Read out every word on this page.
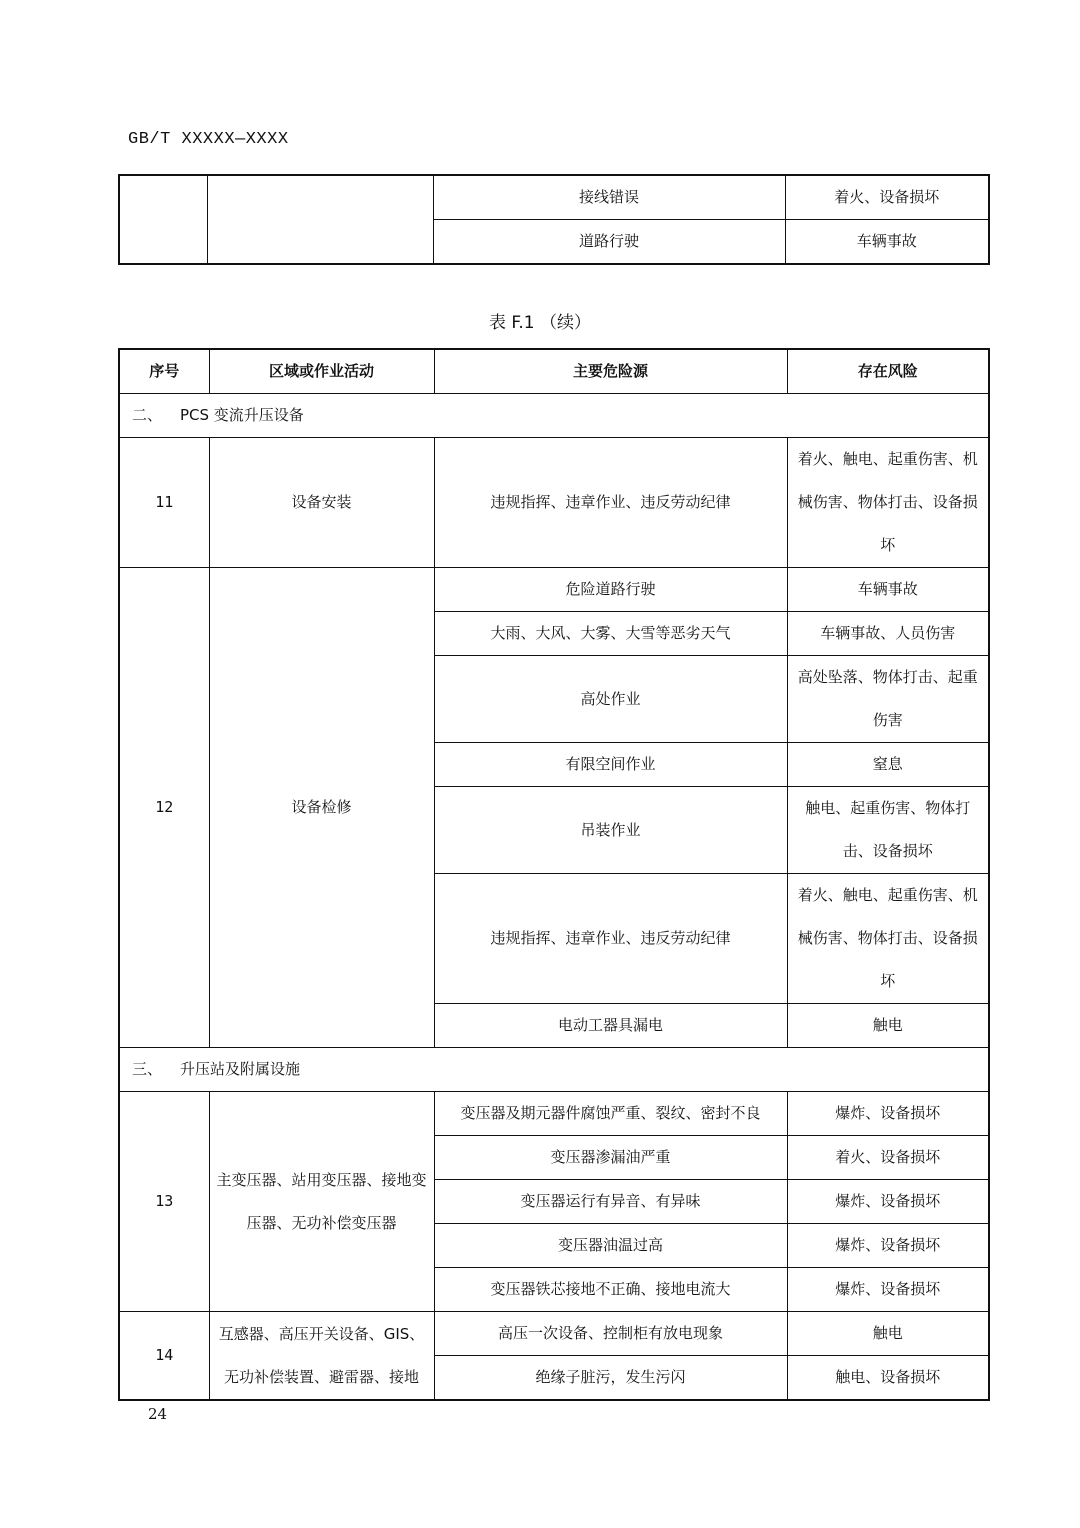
GB/T XXXXX—XXXX
		接线错误	着火、设备损坏
		道路行驶	车辆事故
表 F.1 （续）
序号	区域或作业活动	主要危险源	存在风险
二、 PCS 变流升压设备			
11	设备安装	违规指挥、违章作业、违反劳动纪律	着火、触电、起重伤害、机械伤害、物体打击、设备损坏
12	设备检修	危险道路行驶	车辆事故
		大雨、大风、大雾、大雪等恶劣天气	车辆事故、人员伤害
		高处作业	高处坠落、物体打击、起重伤害
		有限空间作业	窒息
		吊装作业	触电、起重伤害、物体打击、设备损坏
		违规指挥、违章作业、违反劳动纪律	着火、触电、起重伤害、机械伤害、物体打击、设备损坏
		电动工器具漏电	触电
三、 升压站及附属设施			
13	主变压器、站用变压器、接地变压器、无功补偿变压器	变压器及期元器件腐蚀严重、裂纹、密封不良	爆炸、设备损坏
		变压器渗漏油严重	着火、设备损坏
		变压器运行有异音、有异味	爆炸、设备损坏
		变压器油温过高	爆炸、设备损坏
		变压器铁芯接地不正确、接地电流大	爆炸、设备损坏
14	互感器、高压开关设备、GIS、无功补偿装置、避雷器、接地	高压一次设备、控制柜有放电现象	触电
		绝缘子脏污，发生污闪	触电、设备损坏
24
